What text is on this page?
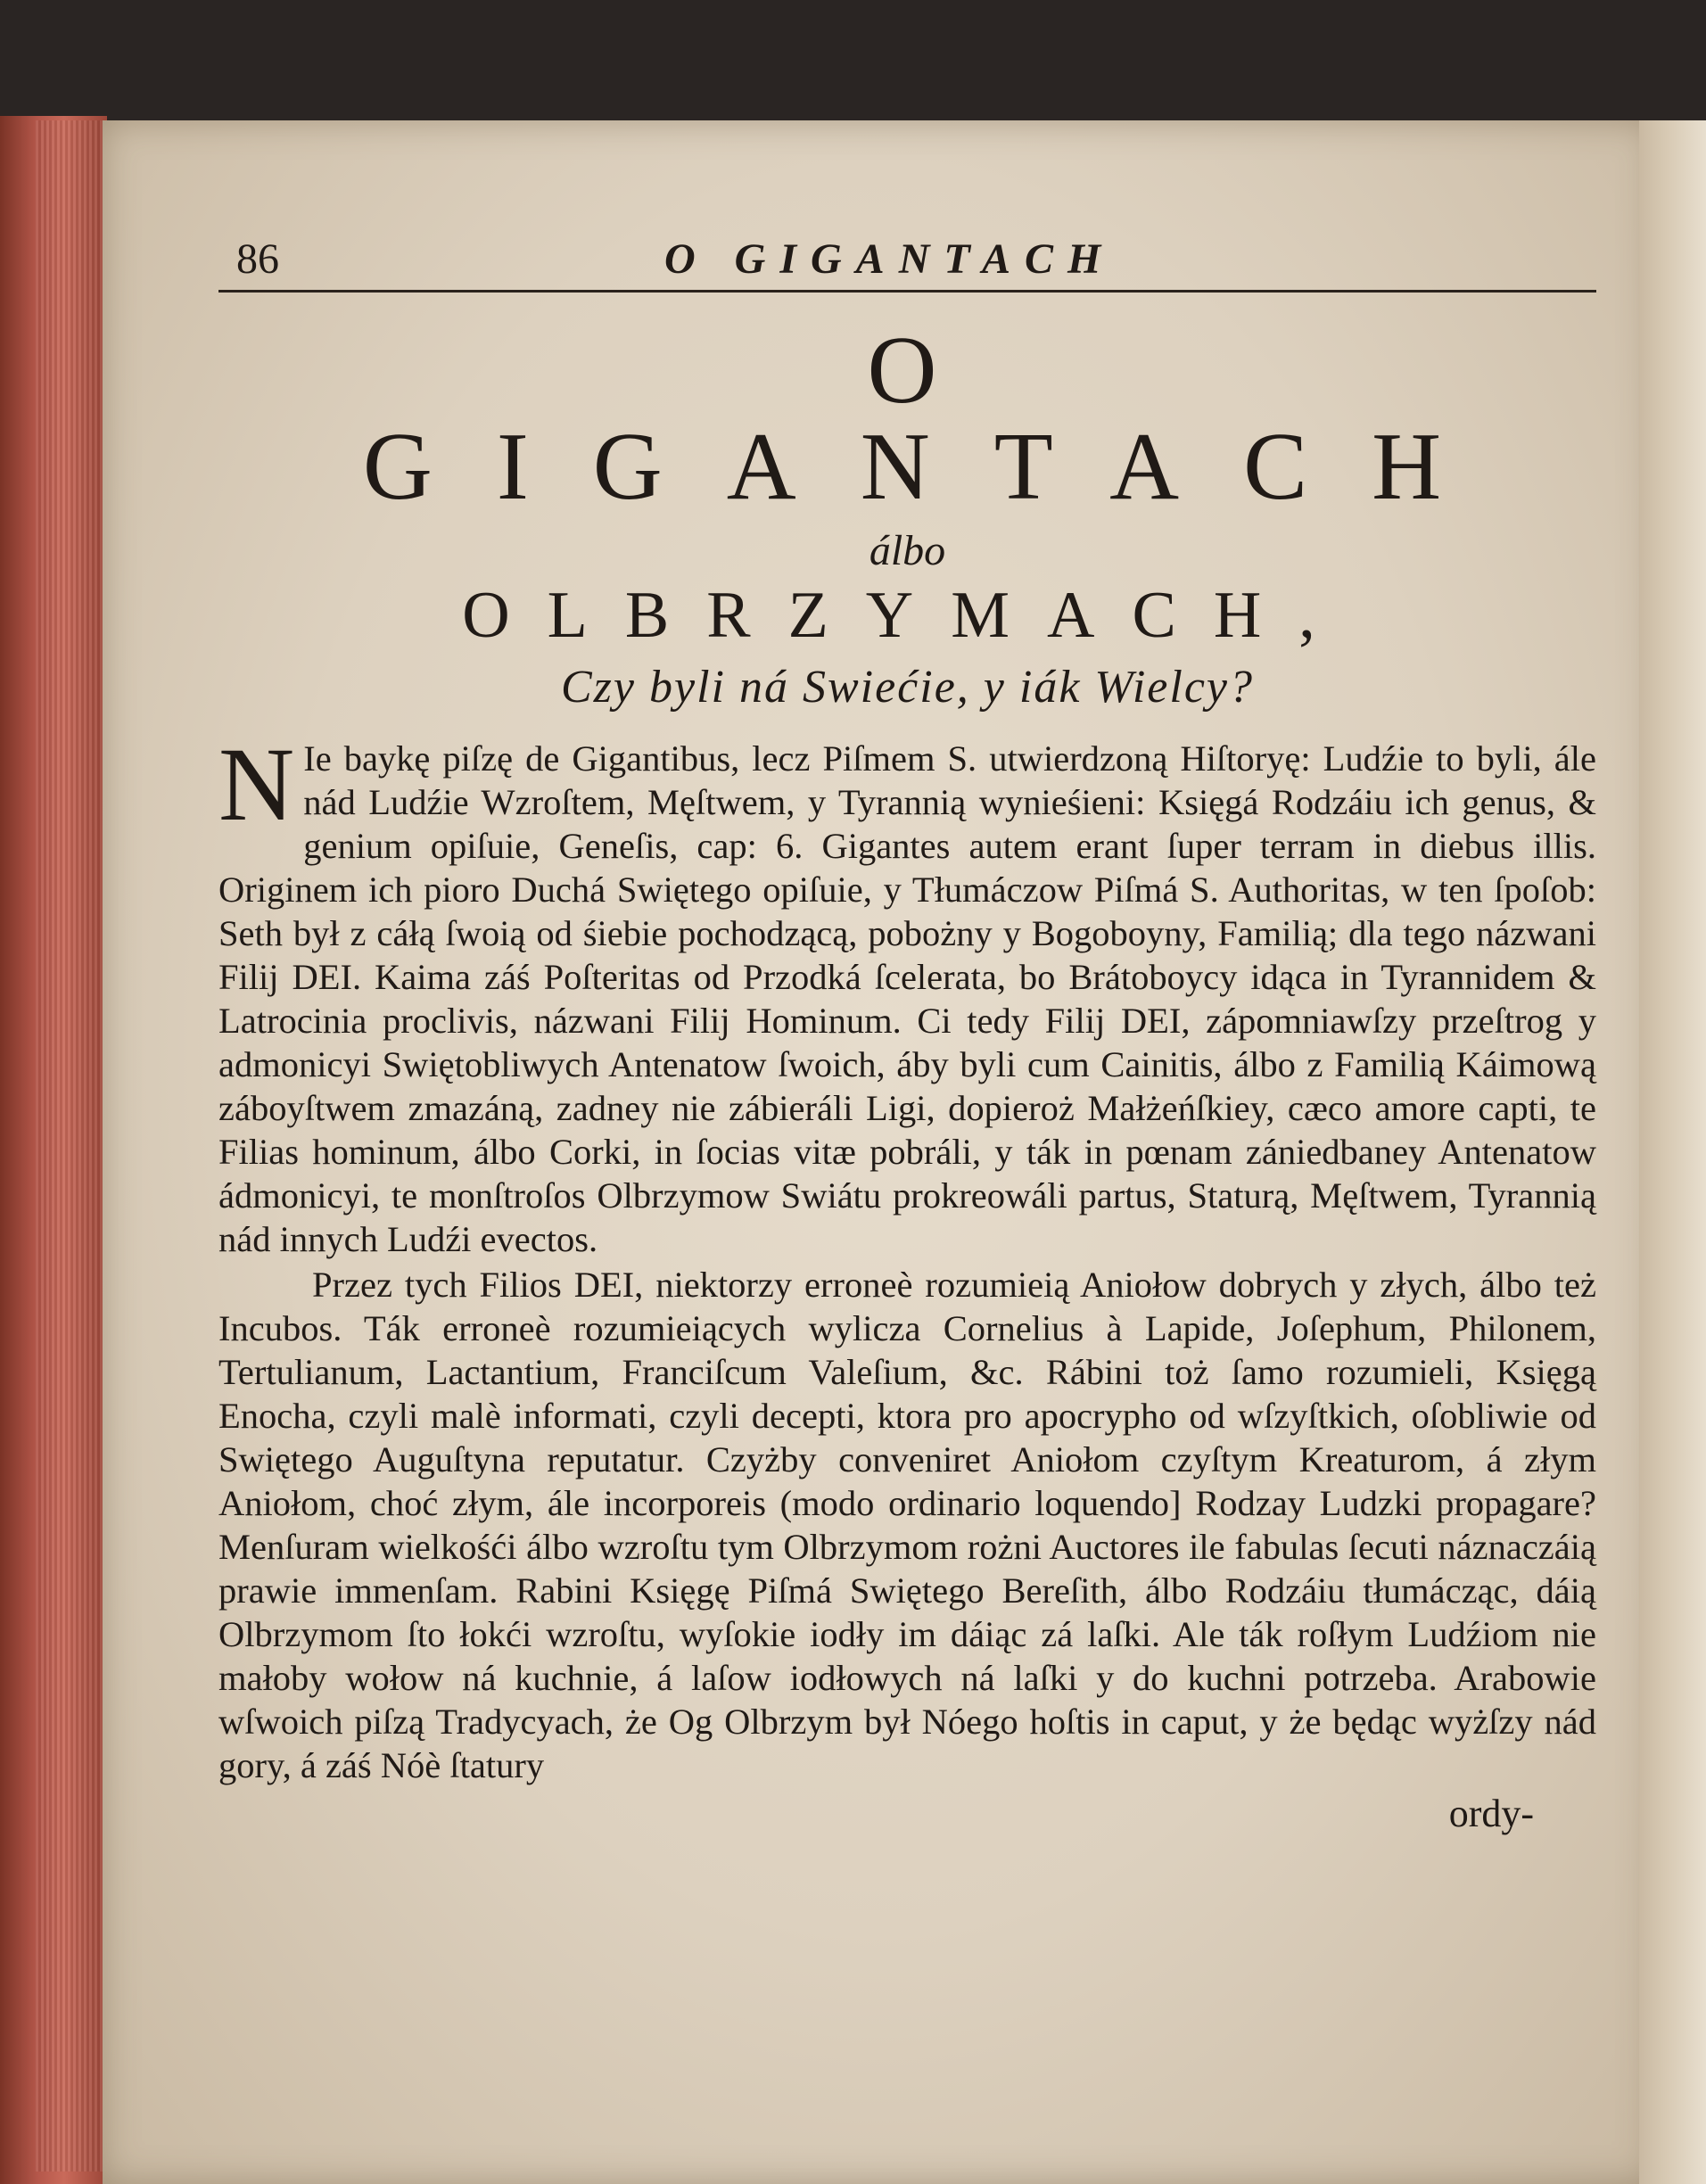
86	O GIGANTACH
O GIGANTACH
álbo
OLBRZYMACH,
Czy byli ná Swiećie, y iák Wielcy?

N Ie baykę piſzę de Gigantibus, lecz Piſmem S. utwierdzoną Hiſtoryę: Ludźie to byli, ále nád Ludźie Wzroſtem, Męſtwem, y Tyrannią wynieśieni: Księgá Rodzáiu ich genus, & genium opiſuie, Geneſis, cap: 6. Gigantes autem erant ſuper terram in diebus illis. Originem ich pioro Duchá Swiętego opiſuie, y Tłumáczow Piſmá S. Authoritas, w ten ſpoſob: Seth był z cáłą ſwoią od śiebie pochodzącą, pobożny y Bogoboyny, Familią; dla tego názwani Filij DEI. Kaima záś Poſteritas od Przodká ſcelerata, bo Brátoboycy idąca in Tyrannidem & Latrocinia proclivis, názwani Filij Hominum. Ci tedy Filij DEI, zápomniawſzy przeſtrog y admonicyi Swiętobliwych Antenatow ſwoich, áby byli cum Cainitis, álbo z Familią Káimową záboyſtwem zmazáną, zadney nie zábieráli Ligi, dopieroż Małżeńſkiey, cæco amore capti, te Filias hominum, álbo Corki, in ſocias vitæ pobráli, y ták in pœnam zániedbaney Antenatow ádmonicyi, te monſtroſos Olbrzymow Swiátu prokreowáli partus, Staturą, Męſtwem, Tyrannią nád innych Ludźi evectos.

Przez tych Filios DEI, niektorzy erroneè rozumieią Aniołow dobrych y złych, álbo też Incubos. Ták erroneè rozumieiących wylicza Cornelius à Lapide, Joſephum, Philonem, Tertulianum, Lactantium, Franciſcum Valeſium, &c. Rábini toż ſamo rozumieli, Księgą Enocha, czyli malè informati, czyli decepti, ktora pro apocrypho od wſzyſtkich, oſobliwie od Swiętego Auguſtyna reputatur. Czyżby conveniret Aniołom czyſtym Kreaturom, á złym Aniołom, choć złym, ále incorporeis (modo ordinario loquendo] Rodzay Ludzki propagare? Menſuram wielkośći álbo wzroſtu tym Olbrzymom rożni Auctores ile fabulas ſecuti náznaczáią prawie immenſam. Rabini Księgę Piſmá Swiętego Bereſith, álbo Rodzáiu tłumácząc, dáią Olbrzymom ſto łokći wzroſtu, wyſokie iodły im dáiąc zá laſki. Ale ták roſłym Ludźiom nie małoby wołow ná kuchnie, á laſow iodłowych ná laſki y do kuchni potrzeba. Arabowie wſwoich piſzą Tradycyach, że Og Olbrzym był Nóego hoſtis in caput, y że będąc wyżſzy nád gory, á záś Nóè ſtatury

ordy-
